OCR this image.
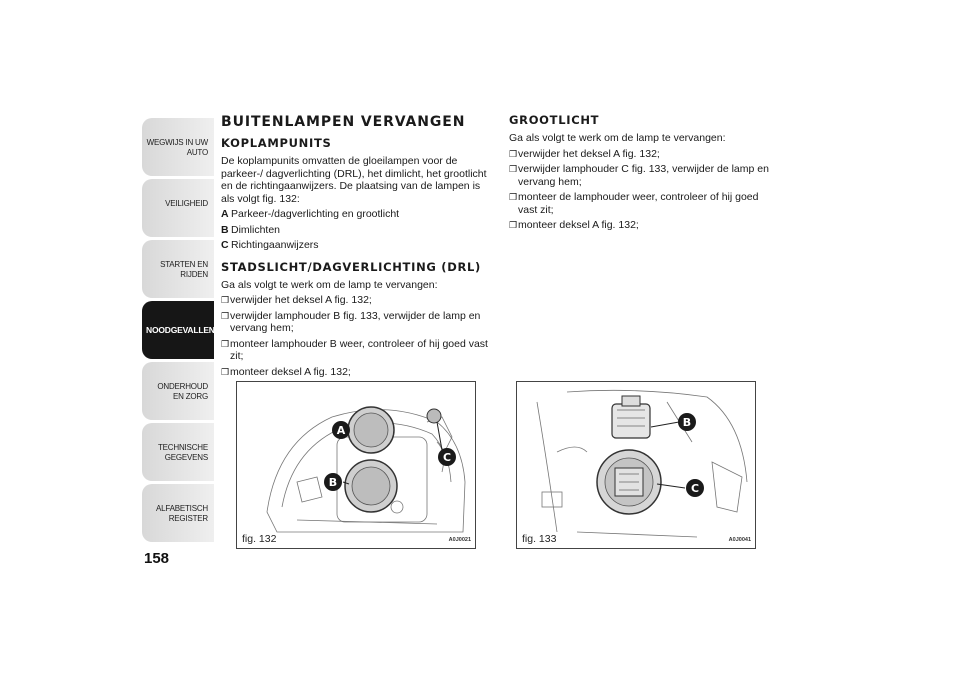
WEGWIJS IN UW AUTO
VEILIGHEID
STARTEN EN RIJDEN
NOODGEVALLEN
ONDERHOUD EN ZORG
TECHNISCHE GEGEVENS
ALFABETISCH REGISTER
158
BUITENLAMPEN VERVANGEN
KOPLAMPUNITS
De koplampunits omvatten de gloeilampen voor de parkeer-/ dagverlichting (DRL), het dimlicht, het grootlicht en de richtingaanwijzers. De plaatsing van de lampen is als volgt fig. 132:
A Parkeer-/dagverlichting en grootlicht
B Dimlichten
C Richtingaanwijzers
STADSLICHT/DAGVERLICHTING (DRL)
Ga als volgt te werk om de lamp te vervangen:
❒ verwijder het deksel A fig. 132;
❒ verwijder lamphouder B fig. 133, verwijder de lamp en vervang hem;
❒ monteer lamphouder B weer, controleer of hij goed vast zit;
❒ monteer deksel A fig. 132;
GROOTLICHT
Ga als volgt te werk om de lamp te vervangen:
❒ verwijder het deksel A fig. 132;
❒ verwijder lamphouder C fig. 133, verwijder de lamp en vervang hem;
❒ monteer de lamphouder weer, controleer of hij goed vast zit;
❒ monteer deksel A fig. 132;
A
C
B
fig. 132	A0J0021
B
C
fig. 133	A0J0041
